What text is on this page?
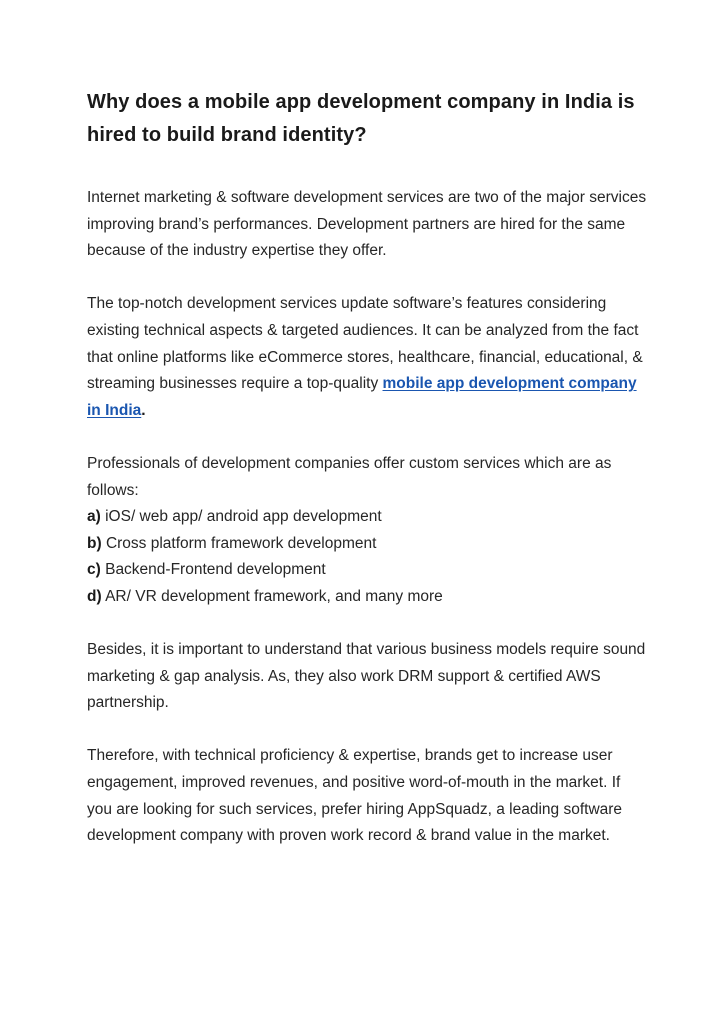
Why does a mobile app development company in India is hired to build brand identity?

Internet marketing & software development services are two of the major services improving brand’s performances. Development partners are hired for the same because of the industry expertise they offer.

The top-notch development services update software’s features considering existing technical aspects & targeted audiences. It can be analyzed from the fact that online platforms like eCommerce stores, healthcare, financial, educational, & streaming businesses require a top-quality mobile app development company in India.

Professionals of development companies offer custom services which are as follows:

a) iOS/ web app/ android app development

b) Cross platform framework development

c) Backend-Frontend development

d) AR/ VR development framework, and many more

Besides, it is important to understand that various business models require sound marketing & gap analysis. As, they also work DRM support & certified AWS partnership.

Therefore, with technical proficiency & expertise, brands get to increase user engagement, improved revenues, and positive word-of-mouth in the market. If you are looking for such services, prefer hiring AppSquadz, a leading software development company with proven work record & brand value in the market.
